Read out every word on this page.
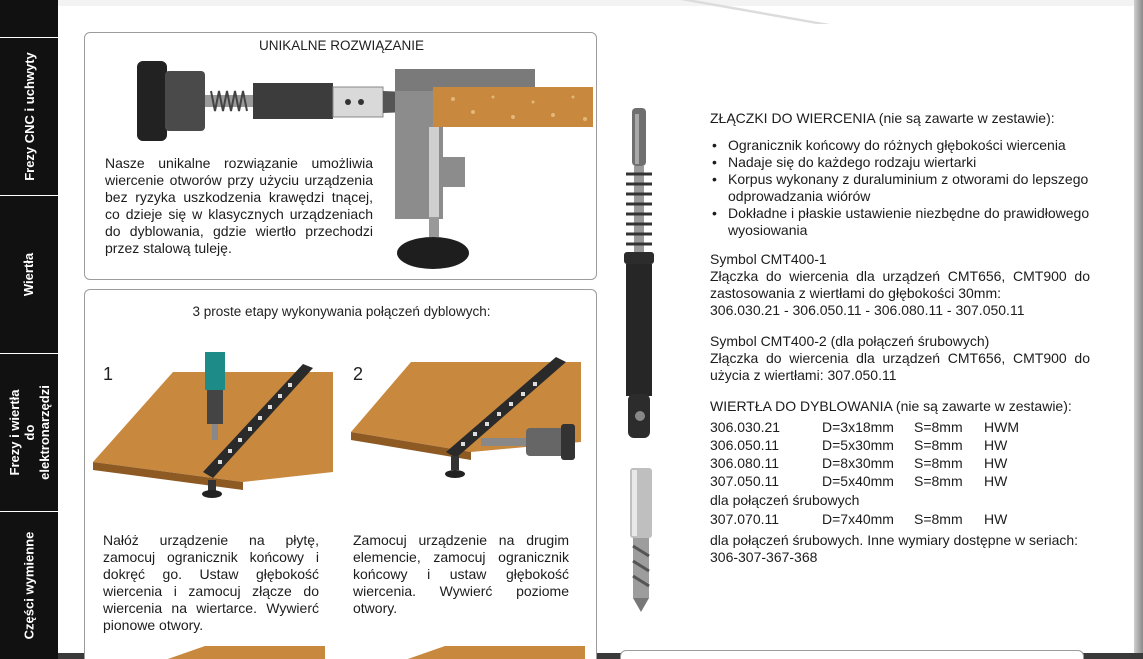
Frezy CNC i uchwyty
Wiertła
Frezy i wiertła do elektronarzędzi
Części wymienne
UNIKALNE ROZWIĄZANIE
Nasze unikalne rozwiązanie umożliwia wiercenie otworów przy użyciu urządzenia bez ryzyka uszkodzenia krawędzi tnącej, co dzieje się w klasycznych urządzeniach do dyblowania, gdzie wiertło przechodzi przez stalową tuleję.
3 proste etapy wykonywania połączeń dyblowych:
1
Nałóż urządzenie na płytę, zamocuj ogranicznik końcowy i dokręć go. Ustaw głębokość wiercenia i zamocuj złącze do wiercenia na wiertarce. Wywierć pionowe otwory.
2
Zamocuj urządzenie na drugim elemencie, zamocuj ogranicznik końcowy i ustaw głębokość wiercenia. Wywierć poziome otwory.
ZŁĄCZKI DO WIERCENIA (nie są zawarte w zestawie):
• Ogranicznik końcowy do różnych głębokości wiercenia
• Nadaje się do każdego rodzaju wiertarki
• Korpus wykonany z duraluminium z otworami do lepszego odprowadzania wiórów
• Dokładne i płaskie ustawienie niezbędne do prawidłowego wyosiowania
Symbol CMT400-1
Złączka do wiercenia dla urządzeń CMT656, CMT900 do zastosowania z wiertłami do głębokości 30mm:
306.030.21 - 306.050.11 - 306.080.11 - 307.050.11
Symbol CMT400-2 (dla połączeń śrubowych)
Złączka do wiercenia dla urządzeń CMT656, CMT900 do użycia z wiertłami: 307.050.11
WIERTŁA DO DYBLOWANIA (nie są zawarte w zestawie):
306.030.21	D=3x18mm	S=8mm	HWM
306.050.11	D=5x30mm	S=8mm	HW
306.080.11	D=8x30mm	S=8mm	HW
307.050.11	D=5x40mm	S=8mm	HW
dla połączeń śrubowych
307.070.11	D=7x40mm	S=8mm	HW
dla połączeń śrubowych. Inne wymiary dostępne w seriach:
306-307-367-368
